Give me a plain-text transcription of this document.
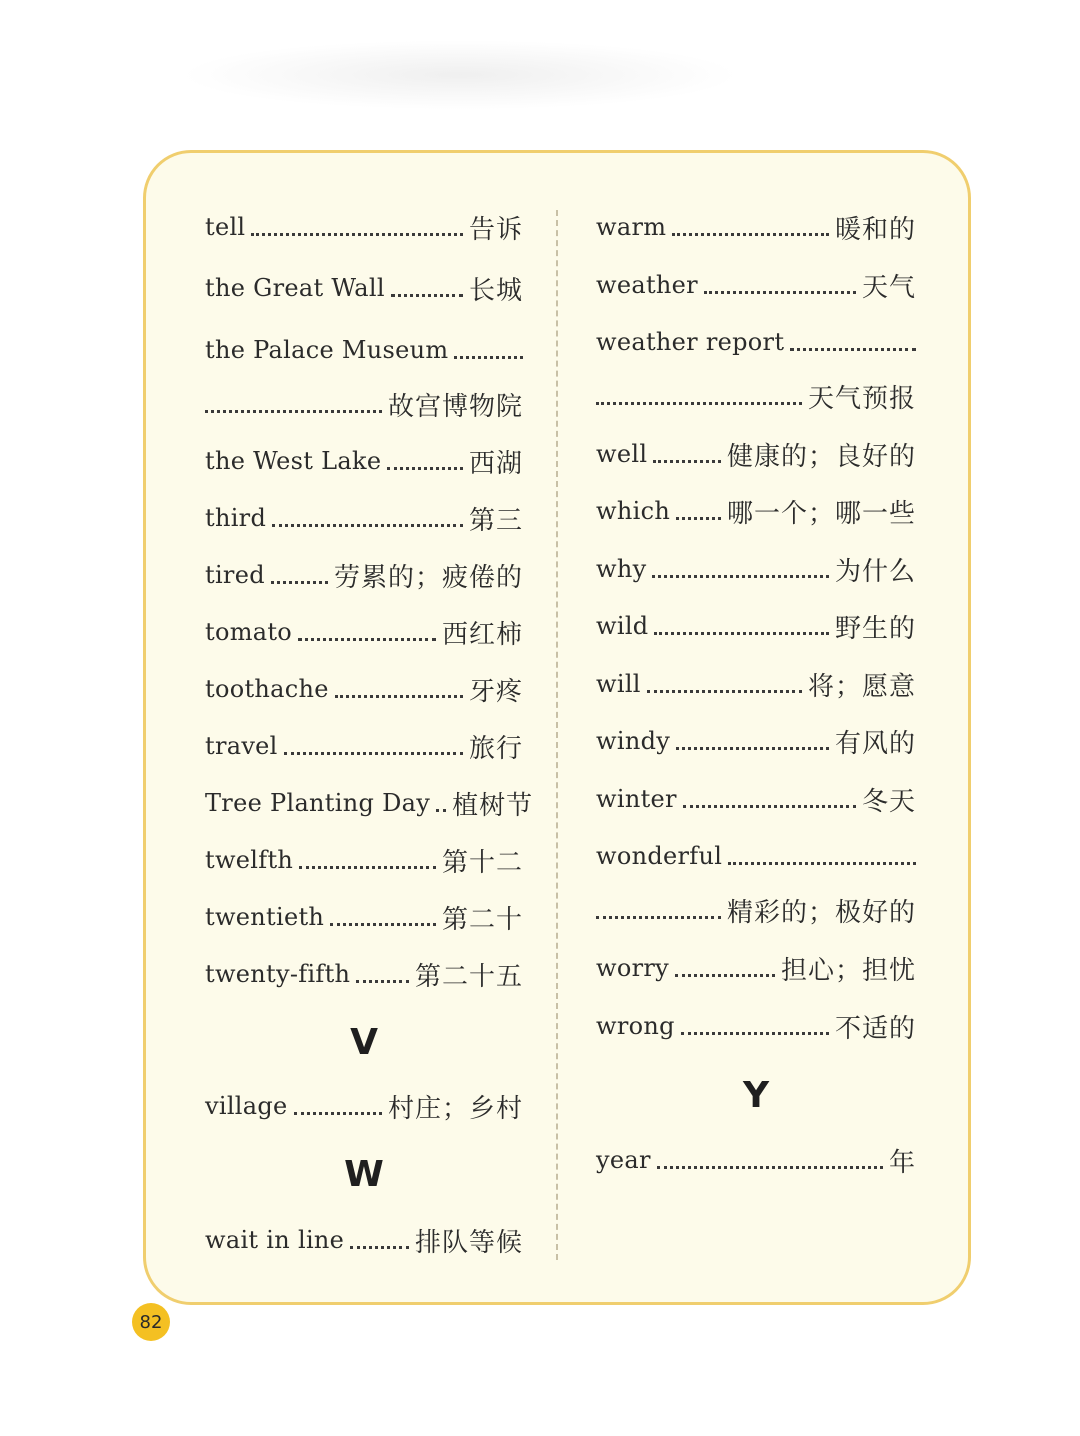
tell	告诉
the Great Wall	长城
the Palace Museum
故宫博物院
the West Lake	西湖
third	第三
tired	劳累的；疲倦的
tomato	西红柿
toothache	牙疼
travel	旅行
Tree Planting Day 植树节
twelfth	第十二
twentieth	第二十
twenty-fifth 第二十五
V
village	村庄；乡村
W
wait in line	排队等候
warm	暖和的
weather	天气
weather report
天气预报
well	健康的；良好的
which 哪一个；哪一些
why	为什么
wild	野生的
will	将；愿意
windy	有风的
winter	冬天
wonderful
精彩的；极好的
worry	担心；担忧
wrong	不适的
Y
year	年
82
